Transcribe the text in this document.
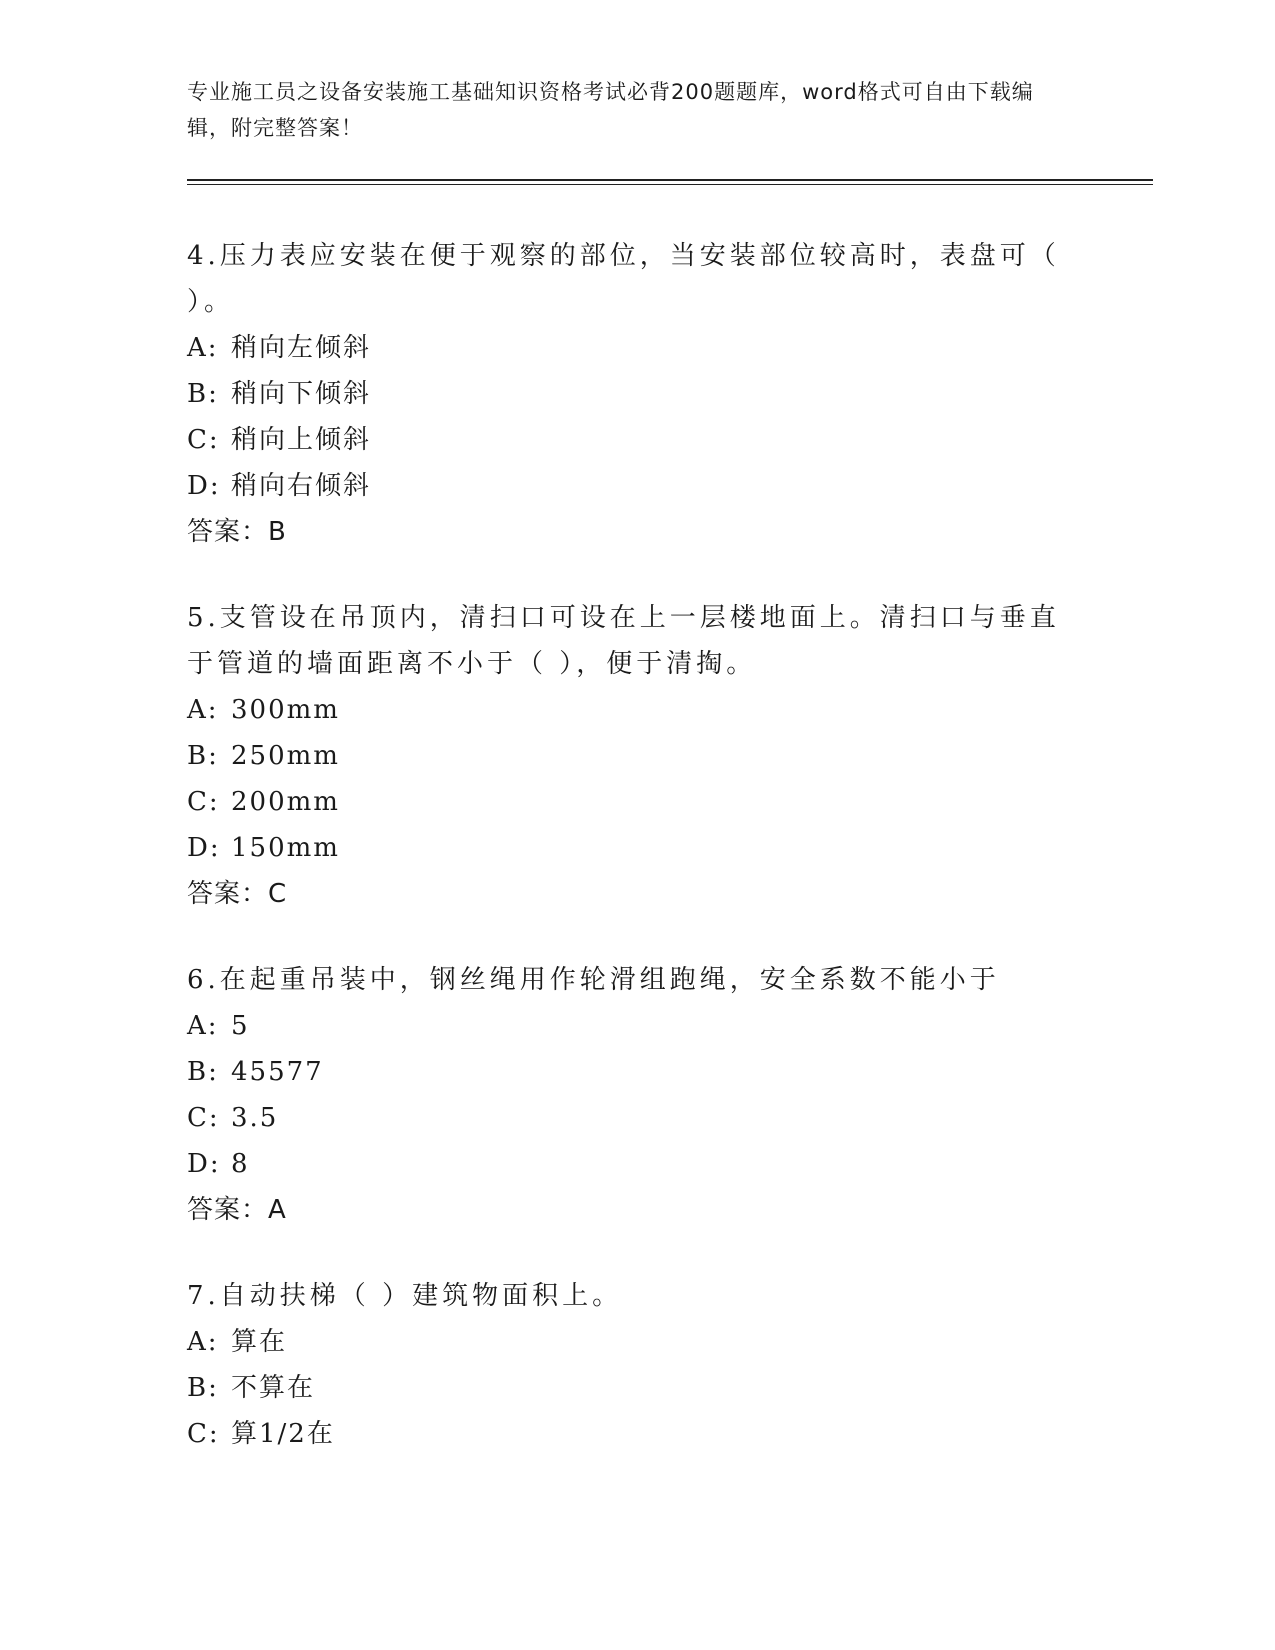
专业施工员之设备安装施工基础知识资格考试必背200题题库，word格式可自由下载编辑，附完整答案！

4.压力表应安装在便于观察的部位，当安装部位较高时，表盘可（ ）。

A: 稍向左倾斜

B: 稍向下倾斜

C: 稍向上倾斜

D: 稍向右倾斜

答案：B

5.支管设在吊顶内，清扫口可设在上一层楼地面上。清扫口与垂直于管道的墙面距离不小于（ ），便于清掏。

A: 300mm

B: 250mm

C: 200mm

D: 150mm

答案：C

6.在起重吊装中，钢丝绳用作轮滑组跑绳，安全系数不能小于

A: 5

B: 45577

C: 3.5

D: 8

答案：A

7.自动扶梯（ ）建筑物面积上。

A: 算在

B: 不算在

C: 算1/2在
